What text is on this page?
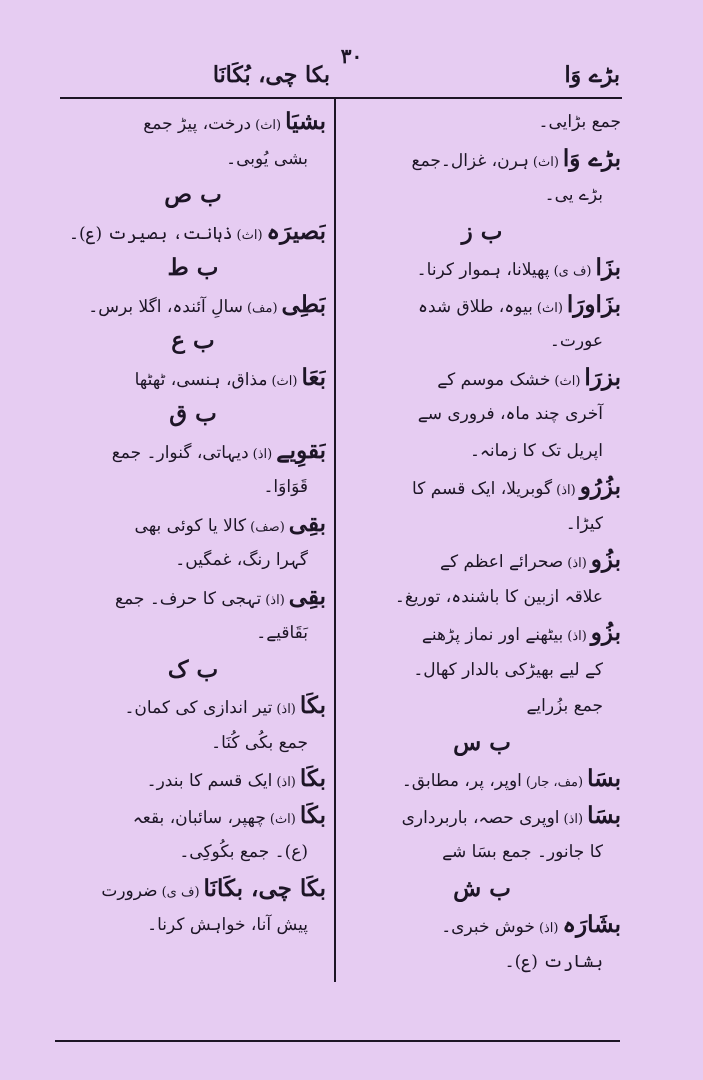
۳۰
بڑے وَا
بکا چی، بُکَانَا
جمع بڑایی۔
بڑے وَا(اث)ہرن، غزال۔جمع
بڑے یی۔
ب ز
بزَا(ف ی)پھیلانا، ہموار کرنا۔
بزَاورَا(اث)بیوہ، طلاق شدہ
عورت۔
بزرَا(اث)خشک موسم کے
آخری چند ماہ، فروری سے
اپریل تک کا زمانہ۔
بزُرُو(اذ)گوبریلا، ایک قسم کا
کیڑا۔
بزُو(اذ)صحرائے اعظم کے
علاقہ ازبین کا باشندہ، توریغ۔
بزُو(اذ)بیٹھنے اور نماز پڑھنے
کے لیے بھیڑکی بالدار کھال۔
جمع بزُرایے
ب س
بسَا(مف، جار)اوپر، پر، مطابق۔
بسَا(اذ)اوپری حصہ، باربرداری
کا جانور۔ جمع بسَا شے
ب ش
بشَارَہ(اذ)خوش خبری۔
بشارت (ع)۔
بشیَا(اث)درخت، پیڑ جمع
بشی یُوبی۔
ب ص
بَصیرَہ(اث)ذہانت، بصیرت (ع)۔
ب ط
بَطِی(مف)سالِ آئندہ، اگلا برس۔
ب ع
بَعَا(اث)مذاق، ہنسی، ٹھٹھا
ب ق
بَقوِیے(اذ)دیہاتی، گنوار۔ جمع
قَوَاوَا۔
بقِی(صف)کالا یا کوئی بھی
گہرا رنگ، غمگیں۔
بقِی(اذ)تہجی کا حرف۔ جمع
بَقَاقیے۔
ب ک
بکَا(اذ)تیر اندازی کی کمان۔
جمع بکُی کُنَا۔
بکَا(اذ)ایک قسم کا بندر۔
بکَا(اث)چھپر، سائبان، بقعہ
(ع)۔ جمع بکُوکِی۔
بکَا چی، بکَانَا(ف ی)ضرورت
پیش آنا، خواہش کرنا۔
